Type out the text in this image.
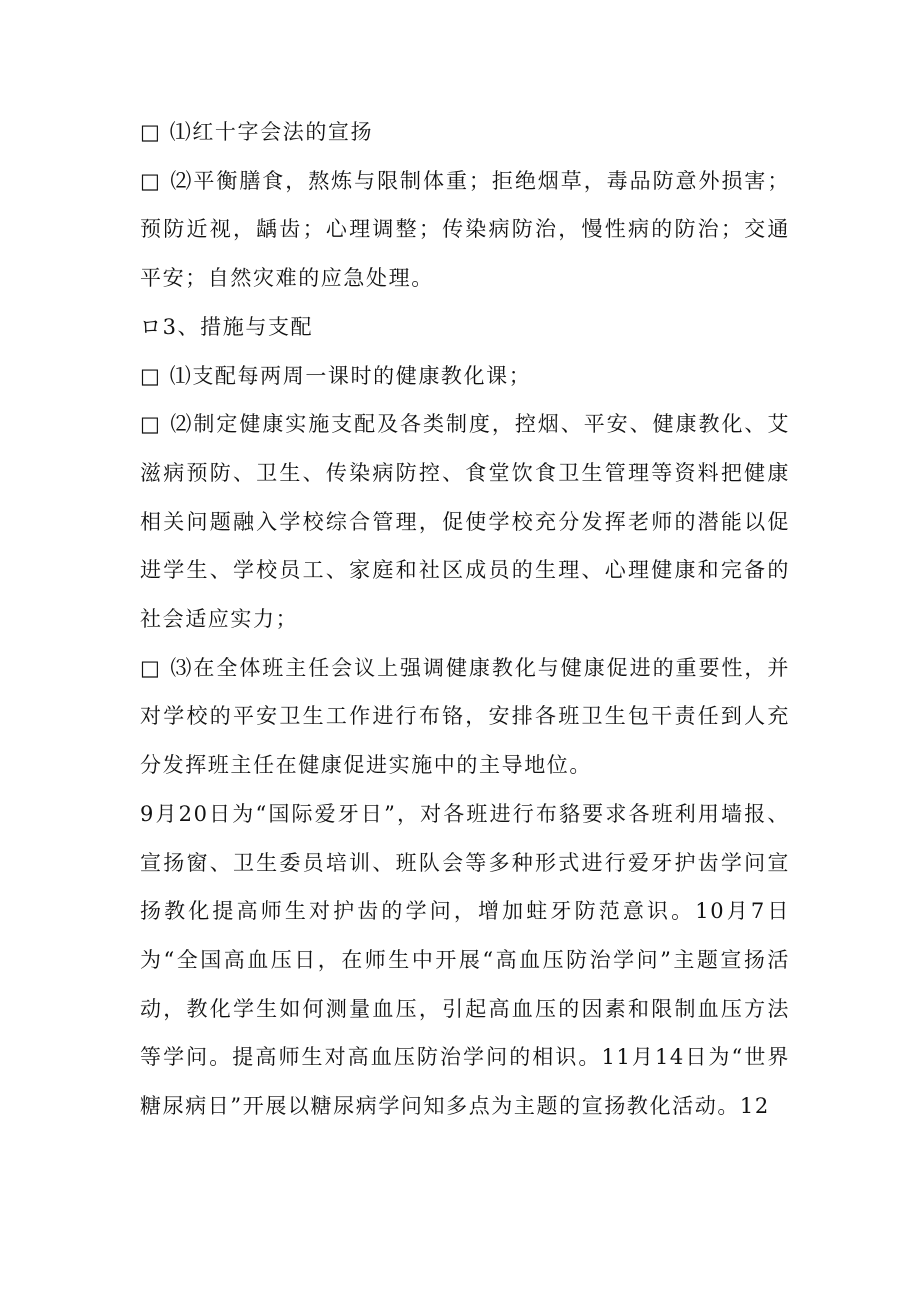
□ ⑴红十字会法的宣扬

□ ⑵平衡膳食，熬炼与限制体重；拒绝烟草，毒品防意外损害；预防近视，龋齿；心理调整；传染病防治，慢性病的防治；交通平安；自然灾难的应急处理。

ロ3、措施与支配

□ ⑴支配每两周一课时的健康教化课；

□ ⑵制定健康实施支配及各类制度，控烟、平安、健康教化、艾滋病预防、卫生、传染病防控、食堂饮食卫生管理等资料把健康相关问题融入学校综合管理，促使学校充分发挥老师的潜能以促进学生、学校员工、家庭和社区成员的生理、心理健康和完备的社会适应实力；

□ ⑶在全体班主任会议上强调健康教化与健康促进的重要性，并对学校的平安卫生工作进行布铬，安排各班卫生包干责任到人充分发挥班主任在健康促进实施中的主导地位。

9月20日为“国际爱牙日”，对各班进行布貉要求各班利用墙报、宣扬窗、卫生委员培训、班队会等多种形式进行爱牙护齿学问宣扬教化提高师生对护齿的学问，增加蛀牙防范意识。10月7日为“全国高血压日，在师生中开展“高血压防治学问”主题宣扬活动，教化学生如何测量血压，引起高血压的因素和限制血压方法等学问。提高师生对高血压防治学问的相识。11月14日为“世界糖尿病日”开展以糖尿病学问知多点为主题的宣扬教化活动。12
